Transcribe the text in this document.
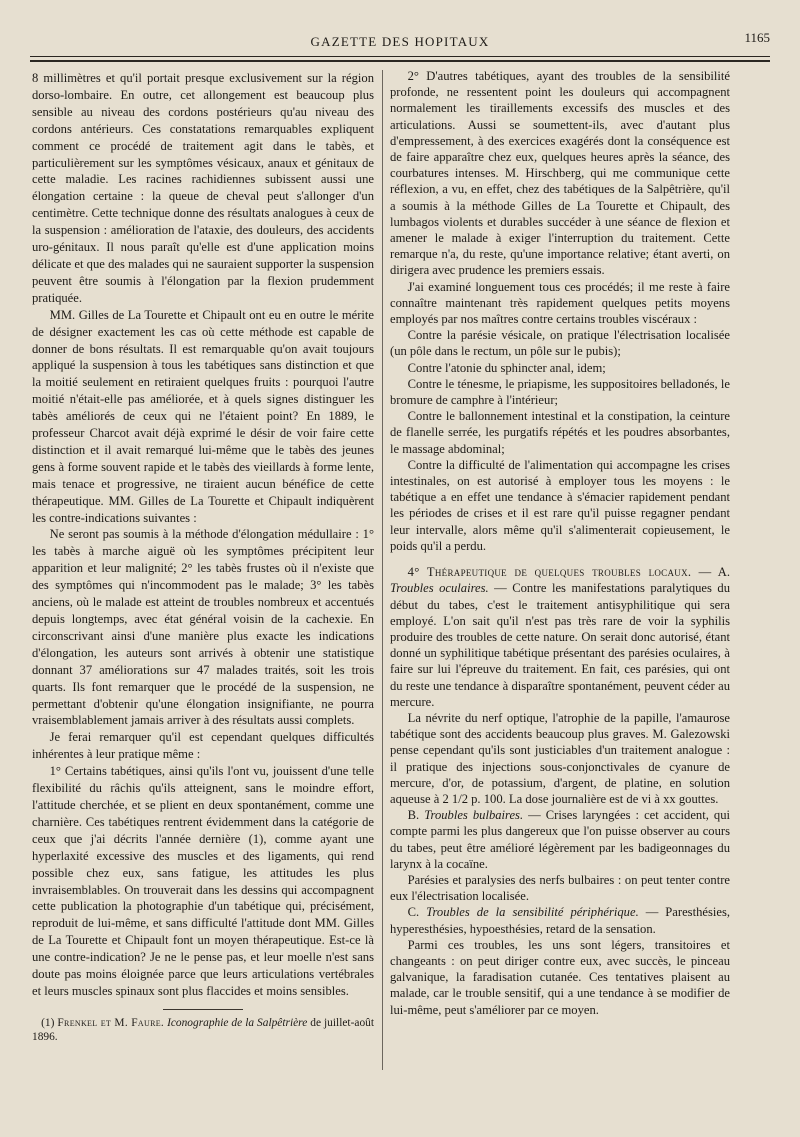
GAZETTE DES HOPITAUX	1165

8 millimètres et qu'il portait presque exclusivement sur la région dorso-lombaire. En outre, cet allongement est beaucoup plus sensible au niveau des cordons postérieurs qu'au niveau des cordons antérieurs. Ces constatations remarquables expliquent comment ce procédé de traitement agit dans le tabès, et particulièrement sur les symptômes vésicaux, anaux et génitaux de cette maladie. Les racines rachidiennes subissent aussi une élongation certaine : la queue de cheval peut s'allonger d'un centimètre. Cette technique donne des résultats analogues à ceux de la suspension : amélioration de l'ataxie, des douleurs, des accidents uro-génitaux. Il nous paraît qu'elle est d'une application moins délicate et que des malades qui ne sauraient supporter la suspension peuvent être soumis à l'élongation par la flexion prudemment pratiquée.

MM. Gilles de La Tourette et Chipault ont eu en outre le mérite de désigner exactement les cas où cette méthode est capable de donner de bons résultats. Il est remarquable qu'on avait toujours appliqué la suspension à tous les tabétiques sans distinction et que la moitié seulement en retiraient quelques fruits : pourquoi l'autre moitié n'était-elle pas améliorée, et à quels signes distinguer les tabès améliorés de ceux qui ne l'étaient point? En 1889, le professeur Charcot avait déjà exprimé le désir de voir faire cette distinction et il avait remarqué lui-même que le tabès des jeunes gens à forme souvent rapide et le tabès des vieillards à forme lente, mais tenace et progressive, ne tiraient aucun bénéfice de cette thérapeutique. MM. Gilles de La Tourette et Chipault indiquèrent les contre-indications suivantes :

Ne seront pas soumis à la méthode d'élongation médullaire : 1° les tabès à marche aiguë où les symptômes précipitent leur apparition et leur malignité; 2° les tabès frustes où il n'existe que des symptômes qui n'incommodent pas le malade; 3° les tabès anciens, où le malade est atteint de troubles nombreux et accentués depuis longtemps, avec état général voisin de la cachexie. En circonscrivant ainsi d'une manière plus exacte les indications d'élongation, les auteurs sont arrivés à obtenir une statistique donnant 37 améliorations sur 47 malades traités, soit les trois quarts. Ils font remarquer que le procédé de la suspension, ne permettant d'obtenir qu'une élongation insignifiante, ne pourra vraisemblablement jamais arriver à des résultats aussi complets.

Je ferai remarquer qu'il est cependant quelques difficultés inhérentes à leur pratique même :

1° Certains tabétiques, ainsi qu'ils l'ont vu, jouissent d'une telle flexibilité du râchis qu'ils atteignent, sans le moindre effort, l'attitude cherchée, et se plient en deux spontanément, comme une charnière. Ces tabétiques rentrent évidemment dans la catégorie de ceux que j'ai décrits l'année dernière (1), comme ayant une hyperlaxité excessive des muscles et des ligaments, qui rend possible chez eux, sans fatigue, les attitudes les plus invraisemblables. On trouverait dans les dessins qui accompagnent cette publication la photographie d'un tabétique qui, précisément, reproduit de lui-même, et sans difficulté l'attitude dont MM. Gilles de La Tourette et Chipault font un moyen thérapeutique. Est-ce là une contre-indication? Je ne le pense pas, et leur moelle n'est sans doute pas moins éloignée parce que leurs articulations vertébrales et leurs muscles spinaux sont plus flaccides et moins sensibles.

(1) Frenkel et M. Faure. Iconographie de la Salpêtrière de juillet-août 1896.

2° D'autres tabétiques, ayant des troubles de la sensibilité profonde, ne ressentent point les douleurs qui accompagnent normalement les tiraillements excessifs des muscles et des articulations. Aussi se soumettent-ils, avec d'autant plus d'empressement, à des exercices exagérés dont la conséquence est de faire apparaître chez eux, quelques heures après la séance, des courbatures intenses. M. Hirschberg, qui me communique cette réflexion, a vu, en effet, chez des tabétiques de la Salpêtrière, qu'il a soumis à la méthode Gilles de La Tourette et Chipault, des lumbagos violents et durables succéder à une séance de flexion et amener le malade à exiger l'interruption du traitement. Cette remarque n'a, du reste, qu'une importance relative; étant averti, on dirigera avec prudence les premiers essais.

J'ai examiné longuement tous ces procédés; il me reste à faire connaître maintenant très rapidement quelques petits moyens employés par nos maîtres contre certains troubles viscéraux :

Contre la parésie vésicale, on pratique l'électrisation localisée (un pôle dans le rectum, un pôle sur le pubis);

Contre l'atonie du sphincter anal, idem;

Contre le ténesme, le priapisme, les suppositoires belladonés, le bromure de camphre à l'intérieur;

Contre le ballonnement intestinal et la constipation, la ceinture de flanelle serrée, les purgatifs répétés et les poudres absorbantes, le massage abdominal;

Contre la difficulté de l'alimentation qui accompagne les crises intestinales, on est autorisé à employer tous les moyens : le tabétique a en effet une tendance à s'émacier rapidement pendant les périodes de crises et il est rare qu'il puisse regagner pendant leur intervalle, alors même qu'il s'alimenterait copieusement, le poids qu'il a perdu.

4° Thérapeutique de quelques troubles locaux. — A. Troubles oculaires. — Contre les manifestations paralytiques du début du tabes, c'est le traitement antisyphilitique qui sera employé. L'on sait qu'il n'est pas très rare de voir la syphilis produire des troubles de cette nature. On serait donc autorisé, étant donné un syphilitique tabétique présentant des parésies oculaires, à faire sur lui l'épreuve du traitement. En fait, ces parésies, qui ont du reste une tendance à disparaître spontanément, peuvent céder au mercure.

La névrite du nerf optique, l'atrophie de la papille, l'amaurose tabétique sont des accidents beaucoup plus graves. M. Galezowski pense cependant qu'ils sont justiciables d'un traitement analogue : il pratique des injections sous-conjonctivales de cyanure de mercure, d'or, de potassium, d'argent, de platine, en solution aqueuse à 2 1/2 p. 100. La dose journalière est de vi à xx gouttes.

B. Troubles bulbaires. — Crises laryngées : cet accident, qui compte parmi les plus dangereux que l'on puisse observer au cours du tabes, peut être amélioré légèrement par les badigeonnages du larynx à la cocaïne.

Parésies et paralysies des nerfs bulbaires : on peut tenter contre eux l'électrisation localisée.

C. Troubles de la sensibilité périphérique. — Paresthésies, hyperesthésies, hypoesthésies, retard de la sensation.

Parmi ces troubles, les uns sont légers, transitoires et changeants : on peut diriger contre eux, avec succès, le pinceau galvanique, la faradisation cutanée. Ces tentatives plaisent au malade, car le trouble sensitif, qui a une tendance à se modifier de lui-même, peut s'améliorer par ce moyen.
